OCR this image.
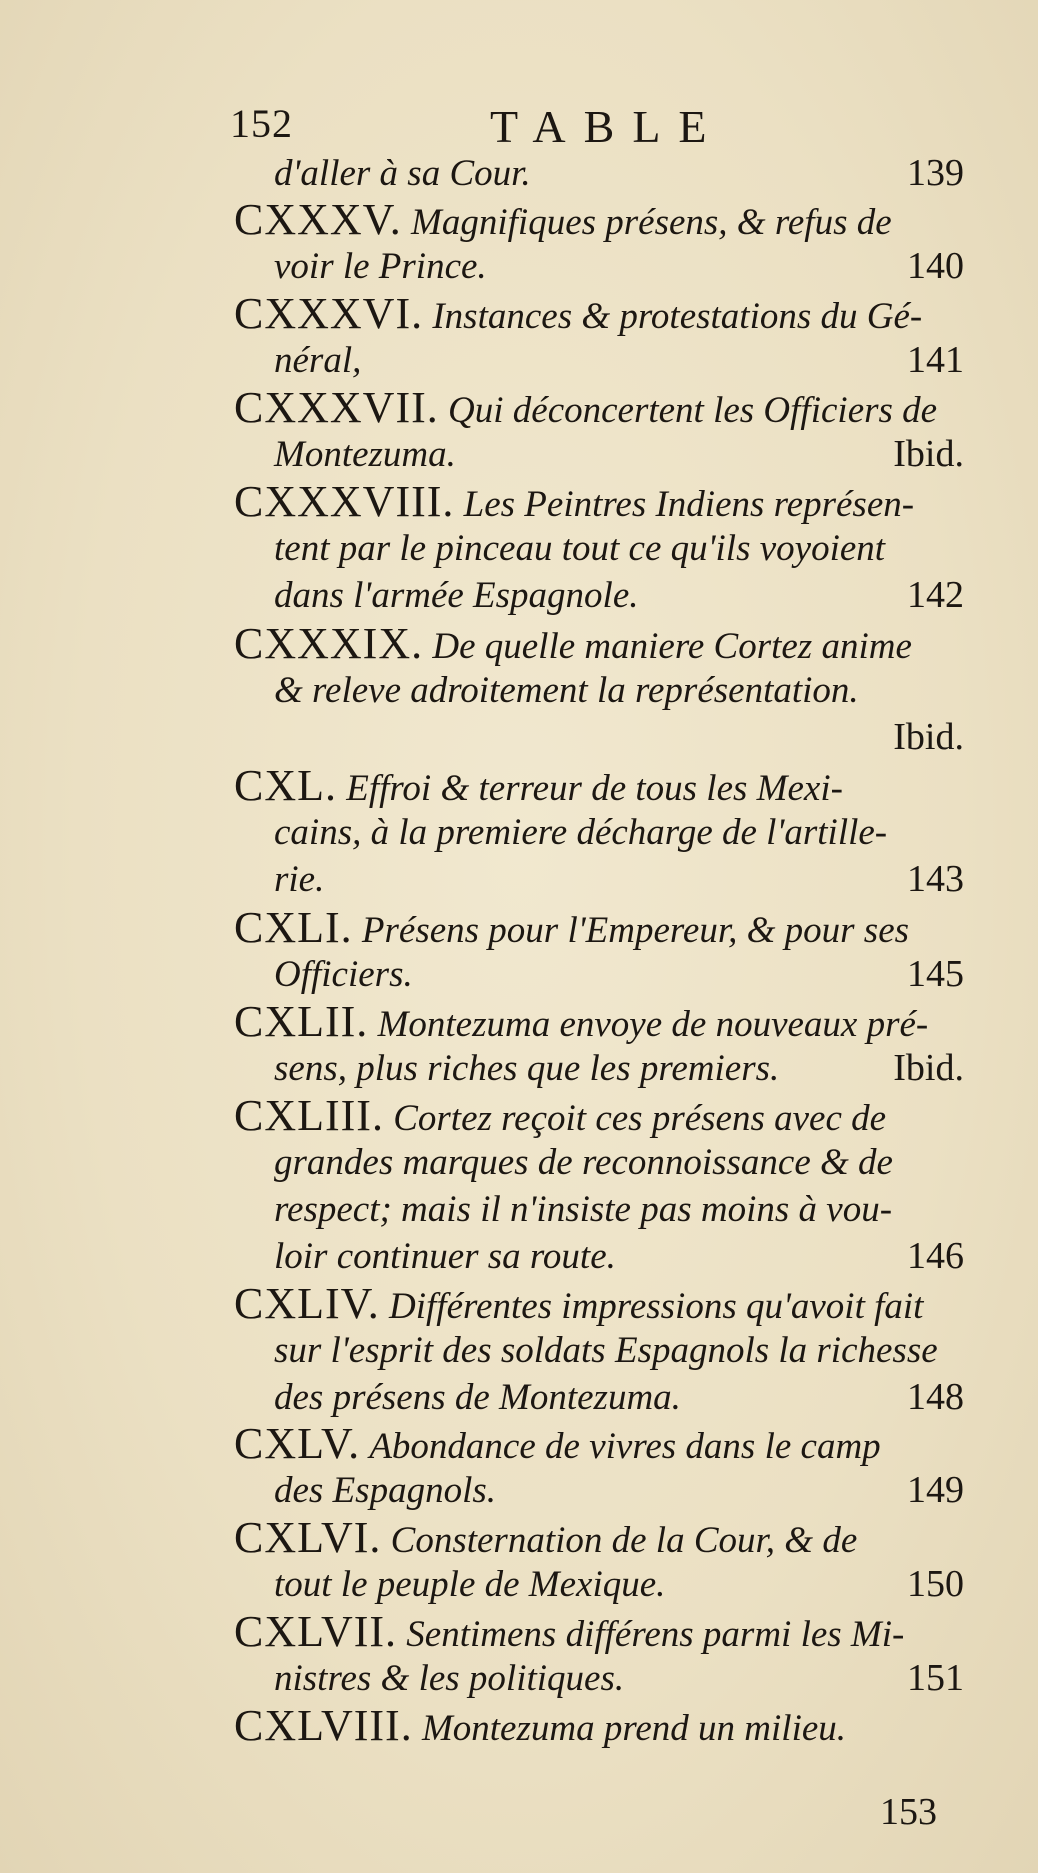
152	TABLE
d'aller à sa Cour.	139
CXXXV. Magnifiques présens, & refus de
voir le Prince.	140
CXXXVI. Instances & protestations du Gé-
néral,	141
CXXXVII. Qui déconcertent les Officiers de
Montezuma.	Ibid.
CXXXVIII. Les Peintres Indiens représen-
tent par le pinceau tout ce qu'ils voyoient
dans l'armée Espagnole.	142
CXXXIX. De quelle maniere Cortez anime
& releve adroitement la représentation.
Ibid.
CXL. Effroi & terreur de tous les Mexi-
cains, à la premiere décharge de l'artille-
rie.	143
CXLI. Présens pour l'Empereur, & pour ses
Officiers.	145
CXLII. Montezuma envoye de nouveaux pré-
sens, plus riches que les premiers.	Ibid.
CXLIII. Cortez reçoit ces présens avec de
grandes marques de reconnoissance & de
respect; mais il n'insiste pas moins à vou-
loir continuer sa route.	146
CXLIV. Différentes impressions qu'avoit fait
sur l'esprit des soldats Espagnols la richesse
des présens de Montezuma.	148
CXLV. Abondance de vivres dans le camp
des Espagnols.	149
CXLVI. Consternation de la Cour, & de
tout le peuple de Mexique.	150
CXLVII. Sentimens différens parmi les Mi-
nistres & les politiques.	151
CXLVIII. Montezuma prend un milieu.
153
